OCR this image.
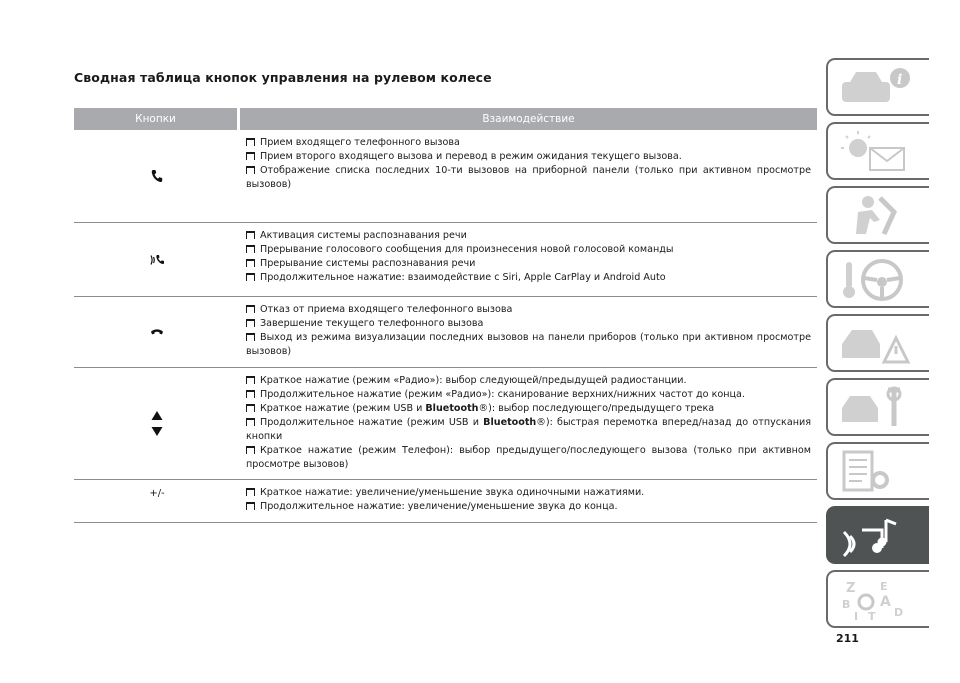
Сводная таблица кнопок управления на рулевом колесе
Кнопки	Взаимодействие
Прием входящего телефонного вызова
Прием второго входящего вызова и перевод в режим ожидания текущего вызова.
Отображение списка последних 10-ти вызовов на приборной панели (только при активном просмотре вызовов)
Активация системы распознавания речи
Прерывание голосового сообщения для произнесения новой голосовой команды
Прерывание системы распознавания речи
Продолжительное нажатие: взаимодействие с Siri, Apple CarPlay и Android Auto
Отказ от приема входящего телефонного вызова
Завершение текущего телефонного вызова
Выход из режима визуализации последних вызовов на панели приборов (только при активном просмотре вызовов)
Краткое нажатие (режим «Радио»): выбор следующей/предыдущей радиостанции.
Продолжительное нажатие (режим «Радио»): сканирование верхних/нижних частот до конца.
Краткое нажатие (режим USB и Bluetooth®): выбор последующего/предыдущего трека
Продолжительное нажатие (режим USB и Bluetooth®): быстрая перемотка вперед/назад до отпускания кнопки
Краткое нажатие (режим Телефон): выбор предыдущего/последующего вызова (только при активном просмотре вызовов)
+/-	Краткое нажатие: увеличение/уменьшение звука одиночными нажатиями.
Продолжительное нажатие: увеличение/уменьшение звука до конца.
211
i
Z E
B A
I T D
